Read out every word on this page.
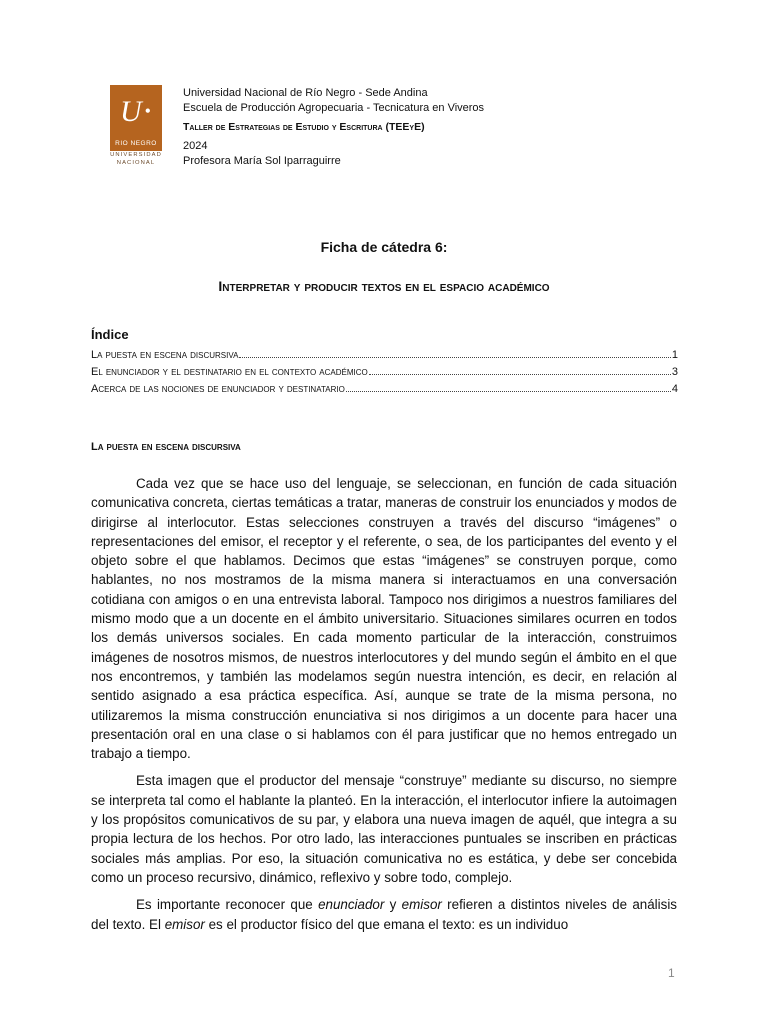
U •
RIO NEGRO
UNIVERSIDAD
NACIONAL
Universidad Nacional de Río Negro - Sede Andina
Escuela de Producción Agropecuaria - Tecnicatura en Viveros
Taller de Estrategias de Estudio y Escritura (TEEyE)
2024
Profesora María Sol Iparraguirre
Ficha de cátedra 6:
Interpretar y producir textos en el espacio académico
Índice
La puesta en escena discursiva	1
El enunciador y el destinatario en el contexto académico	3
Acerca de las nociones de enunciador y destinatario	4
La puesta en escena discursiva

Cada vez que se hace uso del lenguaje, se seleccionan, en función de cada situación comunicativa concreta, ciertas temáticas a tratar, maneras de construir los enunciados y modos de dirigirse al interlocutor. Estas selecciones construyen a través del discurso “imágenes” o representaciones del emisor, el receptor y el referente, o sea, de los participantes del evento y el objeto sobre el que hablamos. Decimos que estas “imágenes” se construyen porque, como hablantes, no nos mostramos de la misma manera si interactuamos en una conversación cotidiana con amigos o en una entrevista laboral. Tampoco nos dirigimos a nuestros familiares del mismo modo que a un docente en el ámbito universitario. Situaciones similares ocurren en todos los demás universos sociales. En cada momento particular de la interacción, construimos imágenes de nosotros mismos, de nuestros interlocutores y del mundo según el ámbito en el que nos encontremos, y también las modelamos según nuestra intención, es decir, en relación al sentido asignado a esa práctica específica. Así, aunque se trate de la misma persona, no utilizaremos la misma construcción enunciativa si nos dirigimos a un docente para hacer una presentación oral en una clase o si hablamos con él para justificar que no hemos entregado un trabajo a tiempo.

Esta imagen que el productor del mensaje “construye” mediante su discurso, no siempre se interpreta tal como el hablante la planteó. En la interacción, el interlocutor infiere la autoimagen y los propósitos comunicativos de su par, y elabora una nueva imagen de aquél, que integra a su propia lectura de los hechos. Por otro lado, las interacciones puntuales se inscriben en prácticas sociales más amplias. Por eso, la situación comunicativa no es estática, y debe ser concebida como un proceso recursivo, dinámico, reflexivo y sobre todo, complejo.

Es importante reconocer que enunciador y emisor refieren a distintos niveles de análisis del texto. El emisor es el productor físico del que emana el texto: es un individuo

1
